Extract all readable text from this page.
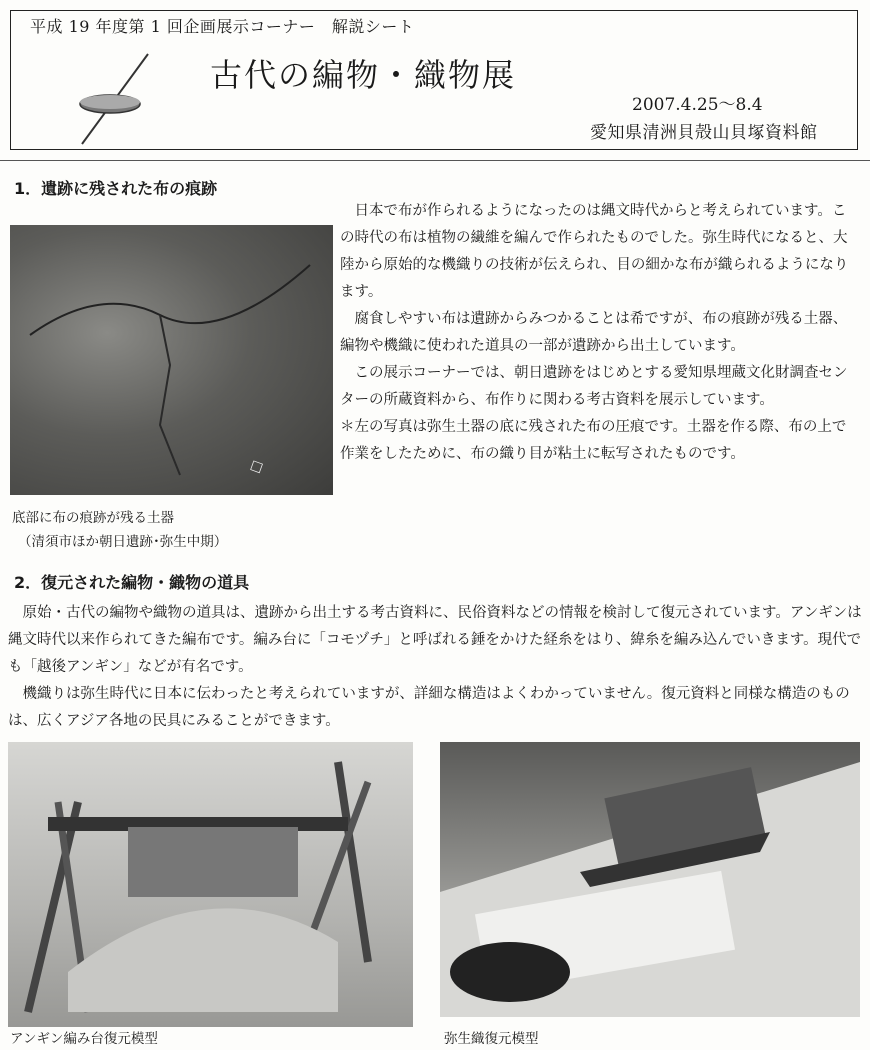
平成 19 年度第 1 回企画展示コーナー　解説シート
古代の編物・織物展
2007.4.25～8.4
愛知県清洲貝殻山貝塚資料館
1．遺跡に残された布の痕跡
□
底部に布の痕跡が残る土器
（清須市ほか朝日遺跡･弥生中期）

日本で布が作られるようになったのは縄文時代からと考えられています。この時代の布は植物の繊維を編んで作られたものでした。弥生時代になると、大陸から原始的な機織りの技術が伝えられ、目の細かな布が織られるようになります。

腐食しやすい布は遺跡からみつかることは希ですが、布の痕跡が残る土器、編物や機織に使われた道具の一部が遺跡から出土しています。

この展示コーナーでは、朝日遺跡をはじめとする愛知県埋蔵文化財調査センターの所蔵資料から、布作りに関わる考古資料を展示しています。

＊左の写真は弥生土器の底に残された布の圧痕です。土器を作る際、布の上で作業をしたために、布の織り目が粘土に転写されたものです。

2．復元された編物・織物の道具

原始・古代の編物や織物の道具は、遺跡から出土する考古資料に、民俗資料などの情報を検討して復元されています。アンギンは縄文時代以来作られてきた編布です。編み台に「コモヅチ」と呼ばれる錘をかけた経糸をはり、緯糸を編み込んでいきます。現代でも「越後アンギン」などが有名です。

機織りは弥生時代に日本に伝わったと考えられていますが、詳細な構造はよくわかっていません。復元資料と同様な構造のものは、広くアジア各地の民具にみることができます。

アンギン編み台復元模型	弥生織復元模型
